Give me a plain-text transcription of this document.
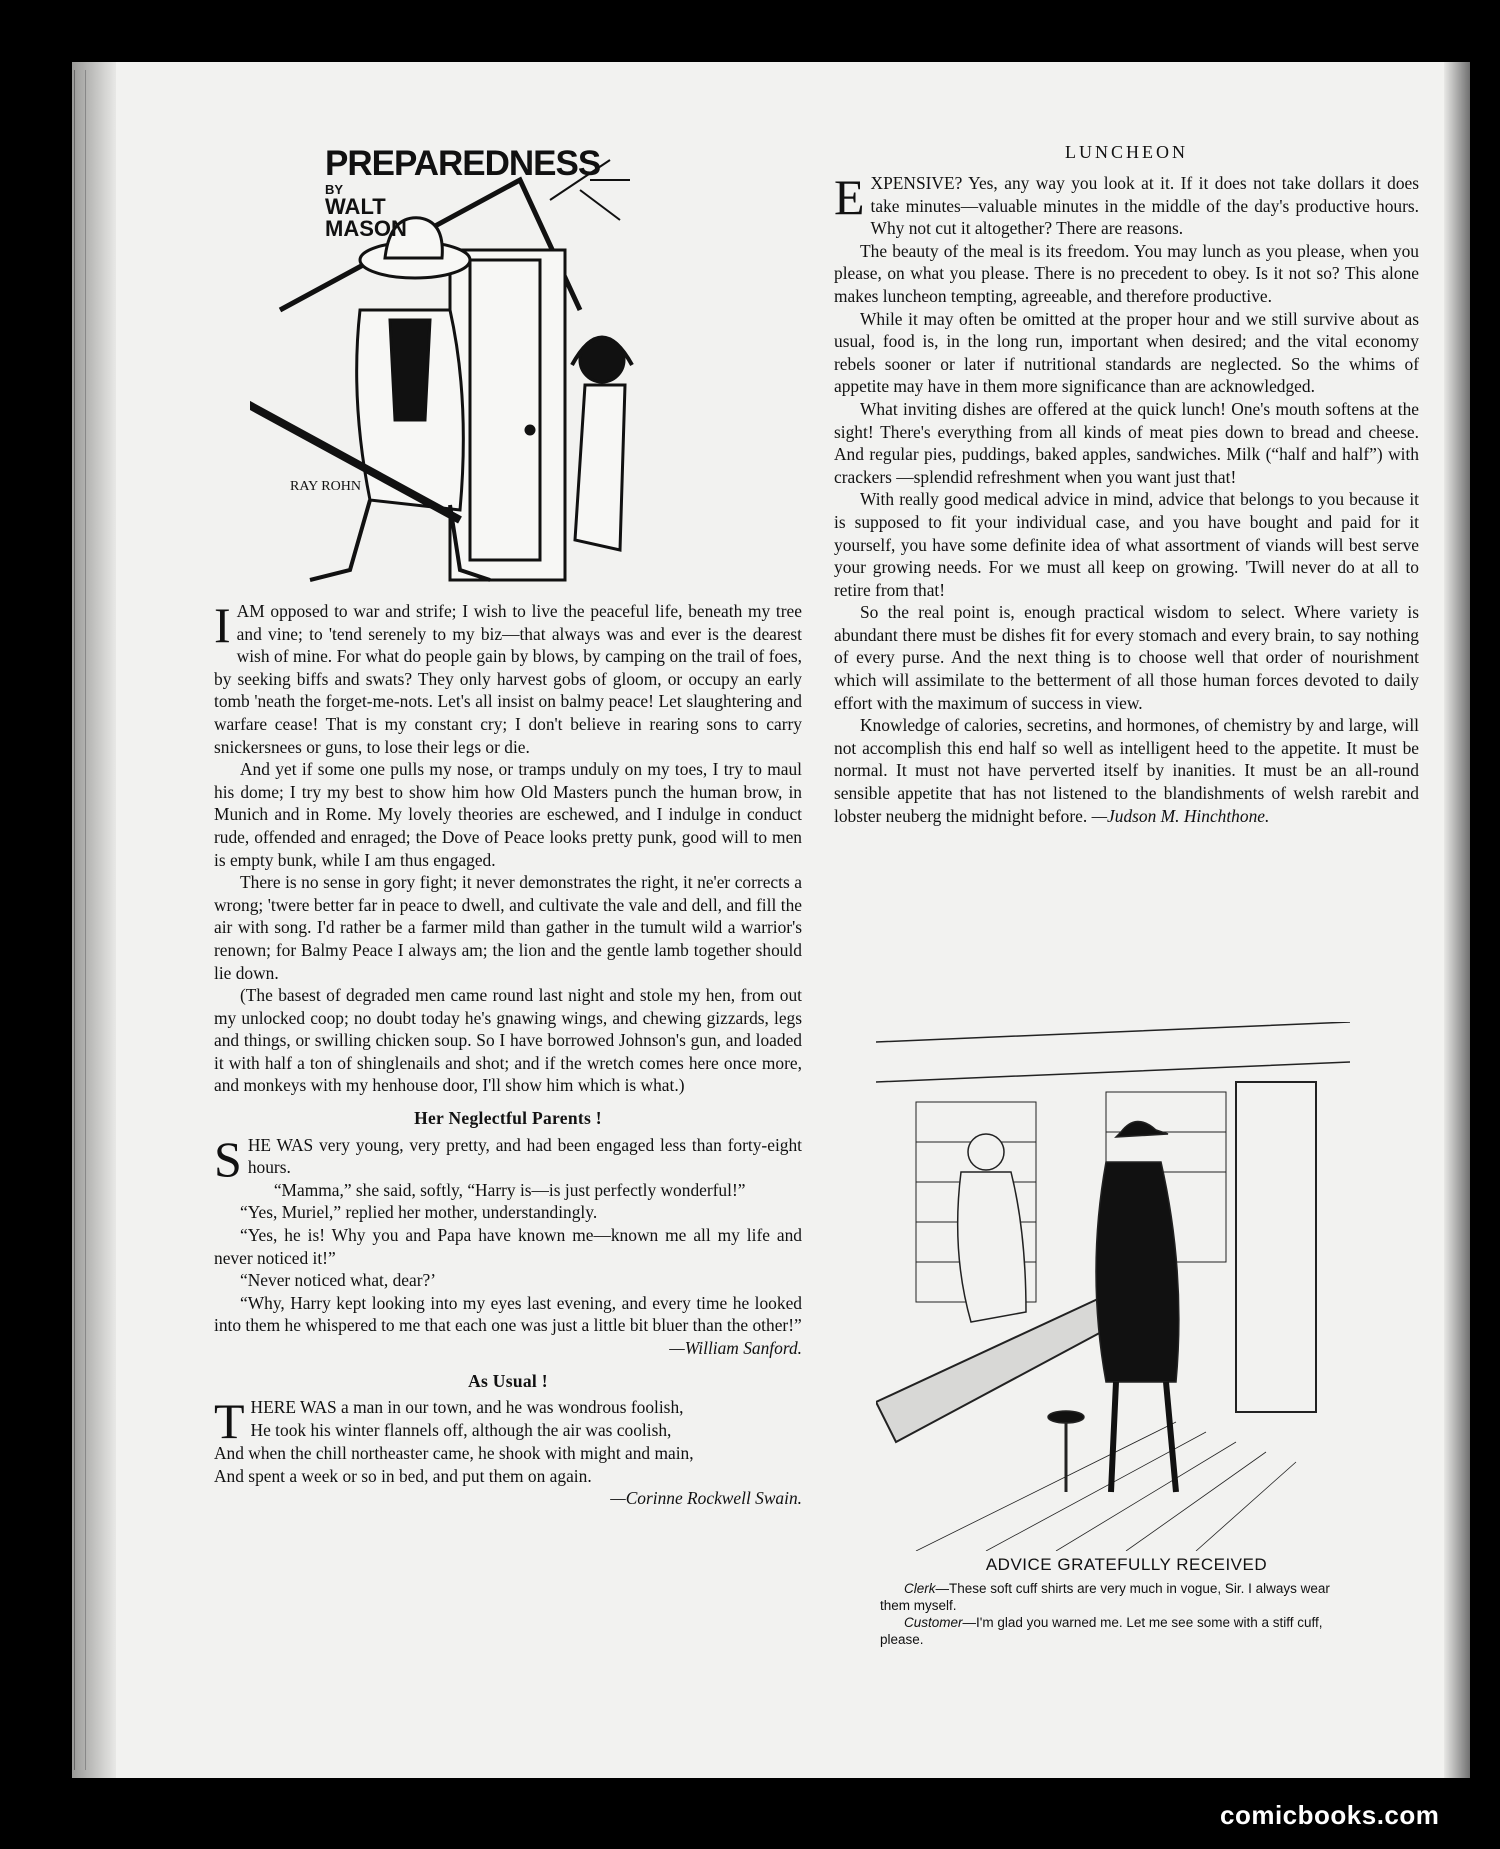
RAY ROHN
PREPAREDNESS
BY
WALT MASON

I AM opposed to war and strife; I wish to live the peaceful life, beneath my tree and vine; to 'tend serenely to my biz—that always was and ever is the dearest wish of mine. For what do people gain by blows, by camping on the trail of foes, by seeking biffs and swats? They only harvest gobs of gloom, or occupy an early tomb 'neath the forget-me-nots. Let's all insist on balmy peace! Let slaughtering and warfare cease! That is my constant cry; I don't believe in rearing sons to carry snickersnees or guns, to lose their legs or die.

And yet if some one pulls my nose, or tramps unduly on my toes, I try to maul his dome; I try my best to show him how Old Masters punch the human brow, in Munich and in Rome. My lovely theories are eschewed, and I indulge in conduct rude, offended and enraged; the Dove of Peace looks pretty punk, good will to men is empty bunk, while I am thus engaged.

There is no sense in gory fight; it never demonstrates the right, it ne'er corrects a wrong; 'twere better far in peace to dwell, and cultivate the vale and dell, and fill the air with song. I'd rather be a farmer mild than gather in the tumult wild a warrior's renown; for Balmy Peace I always am; the lion and the gentle lamb together should lie down.

(The basest of degraded men came round last night and stole my hen, from out my unlocked coop; no doubt today he's gnawing wings, and chewing gizzards, legs and things, or swilling chicken soup. So I have borrowed Johnson's gun, and loaded it with half a ton of shinglenails and shot; and if the wretch comes here once more, and monkeys with my henhouse door, I'll show him which is what.)

Her Neglectful Parents !

SHE WAS very young, very pretty, and had been engaged less than forty-eight hours.

“Mamma,” she said, softly, “Harry is—is just perfectly wonderful!”

“Yes, Muriel,” replied her mother, understandingly.

“Yes, he is! Why you and Papa have known me—known me all my life and never noticed it!”

“Never noticed what, dear?’

“Why, Harry kept looking into my eyes last evening, and every time he looked into them he whispered to me that each one was just a little bit bluer than the other!”
—William Sanford.

As Usual !

THERE WAS a man in our town, and he was wondrous foolish,

He took his winter flannels off, although the air was coolish,

And when the chill northeaster came, he shook with might and main,

And spent a week or so in bed, and put them on again.

—Corinne Rockwell Swain.

LUNCHEON

EXPENSIVE? Yes, any way you look at it. If it does not take dollars it does take minutes—valuable minutes in the middle of the day's productive hours. Why not cut it altogether? There are reasons.

The beauty of the meal is its freedom. You may lunch as you please, when you please, on what you please. There is no precedent to obey. Is it not so? This alone makes luncheon tempting, agreeable, and therefore productive.

While it may often be omitted at the proper hour and we still survive about as usual, food is, in the long run, important when desired; and the vital economy rebels sooner or later if nutritional standards are neglected. So the whims of appetite may have in them more significance than are acknowledged.

What inviting dishes are offered at the quick lunch! One's mouth softens at the sight! There's everything from all kinds of meat pies down to bread and cheese. And regular pies, puddings, baked apples, sandwiches. Milk (“half and half”) with crackers —splendid refreshment when you want just that!

With really good medical advice in mind, advice that belongs to you because it is supposed to fit your individual case, and you have bought and paid for it yourself, you have some definite idea of what assortment of viands will best serve your growing needs. For we must all keep on growing. 'Twill never do at all to retire from that!

So the real point is, enough practical wisdom to select. Where variety is abundant there must be dishes fit for every stomach and every brain, to say nothing of every purse. And the next thing is to choose well that order of nourishment which will assimilate to the betterment of all those human forces devoted to daily effort with the maximum of success in view.

Knowledge of calories, secretins, and hormones, of chemistry by and large, will not accomplish this end half so well as intelligent heed to the appetite. It must be normal. It must not have perverted itself by inanities. It must be an all-round sensible appetite that has not listened to the blandishments of welsh rarebit and lobster neuberg the midnight before. —Judson M. Hinchthone.

ADVICE GRATEFULLY RECEIVED

Clerk—These soft cuff shirts are very much in vogue, Sir. I always wear them myself.

Customer—I'm glad you warned me. Let me see some with a stiff cuff, please.

comicbooks.com
